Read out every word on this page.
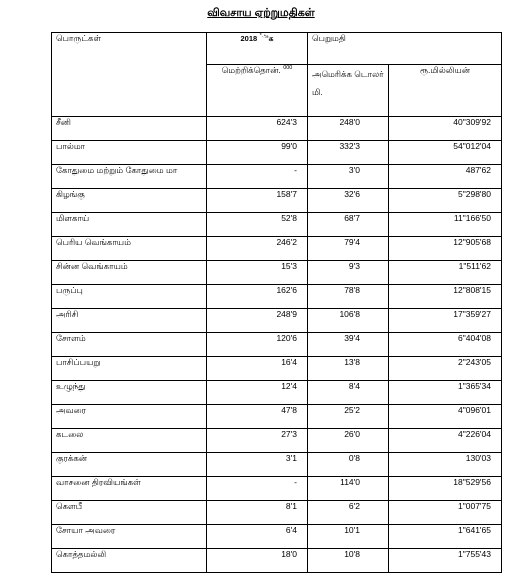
விவசாய ஏற்றுமதிகள்
பொருட்கள்	2018 $^{*ஆ}$க	பெறுமதி	
	மெற்றிக்தொன். $^{000}$	அமெரிக்க டொலர் மி.	ரூ.மில்லியன்
சீனி	624'3	248'0	40"309'92
பால்மா	99'0	332'3	54"012'04
கோதுமை மற்றும் கோதுமை மா	-	3'0	487'62
கிழங்கு	158'7	32'6	5"298'80
மிளகாய்	52'8	68'7	11"166'50
பெரிய வெங்காயம்	246'2	79'4	12"905'68
சின்ன வெங்காயம்	15'3	9'3	1"511'62
பருப்பு	162'6	78'8	12"808'15
அரிசி	248'9	106'8	17"359'27
சோளம்	120'6	39'4	6"404'08
பாசிப்பயறு	16'4	13'8	2"243'05
உழுந்து	12'4	8'4	1"365'34
அவரை	47'8	25'2	4"096'01
கடலை	27'3	26'0	4"226'04
குரக்கன்	3'1	0'8	130'03
வாசனை திரவியங்கள்	-	114'0	18"529'56
கௌபீ	8'1	6'2	1"007'75
சோயா அவரை	6'4	10'1	1"641'65
கொத்தமல்லி	18'0	10'8	1"755'43
